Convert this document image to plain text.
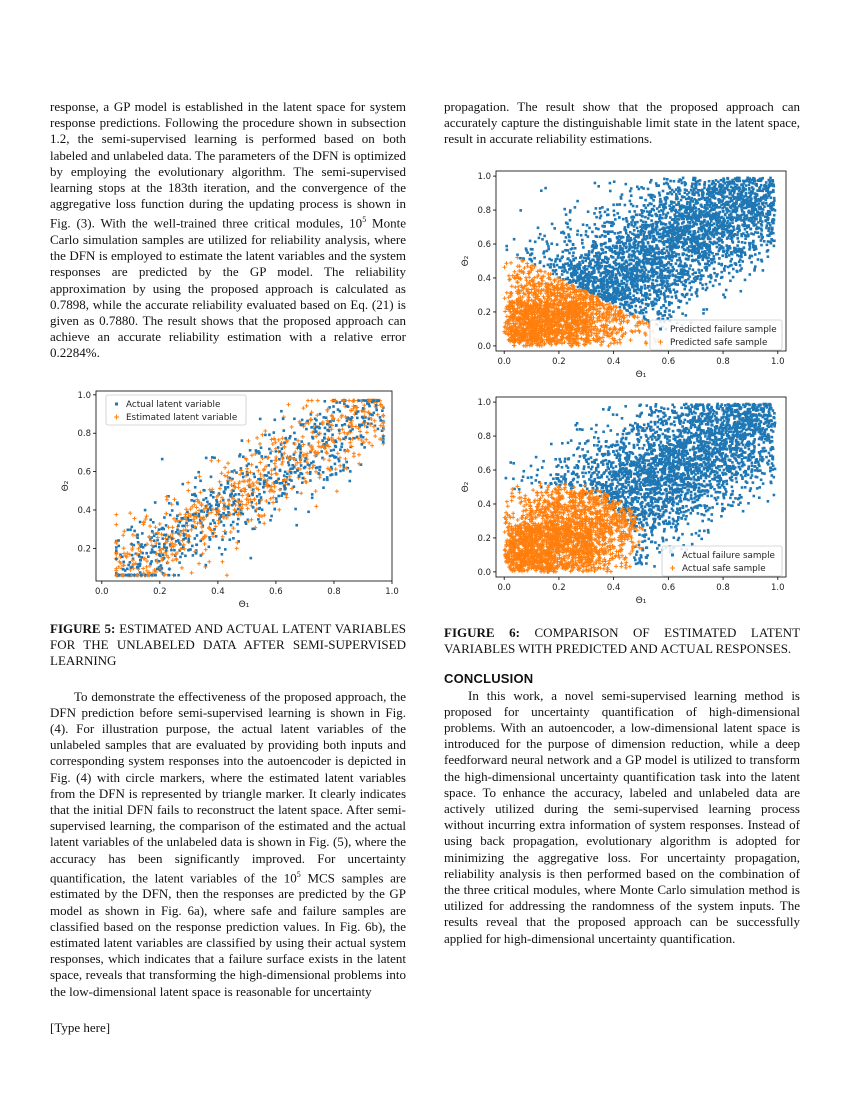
response, a GP model is established in the latent space for system response predictions. Following the procedure shown in subsection 1.2, the semi-supervised learning is performed based on both labeled and unlabeled data. The parameters of the DFN is optimized by employing the evolutionary algorithm. The semi-supervised learning stops at the 183th iteration, and the convergence of the aggregative loss function during the updating process is shown in Fig. (3). With the well-trained three critical modules, $10^5$ Monte Carlo simulation samples are utilized for reliability analysis, where the DFN is employed to estimate the latent variables and the system responses are predicted by the GP model. The reliability approximation by using the proposed approach is calculated as 0.7898, while the accurate reliability evaluated based on Eq. (21) is given as 0.7880. The result shows that the proposed approach can achieve an accurate reliability estimation with a relative error 0.2284%.

0.0	0.2	0.4	0.6	0.8	1.0
0.2
0.4
0.6
0.8
1.0
Θ₁
Θ₂
Actual latent variable
Estimated latent variable

FIGURE 5: ESTIMATED AND ACTUAL LATENT VARIABLES FOR THE UNLABELED DATA AFTER SEMI-SUPERVISED LEARNING

To demonstrate the effectiveness of the proposed approach, the DFN prediction before semi-supervised learning is shown in Fig. (4). For illustration purpose, the actual latent variables of the unlabeled samples that are evaluated by providing both inputs and corresponding system responses into the autoencoder is depicted in Fig. (4) with circle markers, where the estimated latent variables from the DFN is represented by triangle marker. It clearly indicates that the initial DFN fails to reconstruct the latent space. After semi-supervised learning, the comparison of the estimated and the actual latent variables of the unlabeled data is shown in Fig. (5), where the accuracy has been significantly improved. For uncertainty quantification, the latent variables of the $10^5$ MCS samples are estimated by the DFN, then the responses are predicted by the GP model as shown in Fig. 6a), where safe and failure samples are classified based on the response prediction values. In Fig. 6b), the estimated latent variables are classified by using their actual system responses, which indicates that a failure surface exists in the latent space, reveals that transforming the high-dimensional problems into the low-dimensional latent space is reasonable for uncertainty

propagation. The result show that the proposed approach can accurately capture the distinguishable limit state in the latent space, result in accurate reliability estimations.

0.0	0.2	0.4	0.6	0.8	1.0
0.0
0.2
0.4
0.6
0.8
1.0
Θ₁
Θ₂
Predicted failure sample
Predicted safe sample
0.0	0.2	0.4	0.6	0.8	1.0
0.0
0.2
0.4
0.6
0.8
1.0
Θ₁
Θ₂
Actual failure sample
Actual safe sample

FIGURE 6: COMPARISON OF ESTIMATED LATENT VARIABLES WITH PREDICTED AND ACTUAL RESPONSES.

CONCLUSION

In this work, a novel semi-supervised learning method is proposed for uncertainty quantification of high-dimensional problems. With an autoencoder, a low-dimensional latent space is introduced for the purpose of dimension reduction, while a deep feedforward neural network and a GP model is utilized to transform the high-dimensional uncertainty quantification task into the latent space. To enhance the accuracy, labeled and unlabeled data are actively utilized during the semi-supervised learning process without incurring extra information of system responses. Instead of using back propagation, evolutionary algorithm is adopted for minimizing the aggregative loss. For uncertainty propagation, reliability analysis is then performed based on the combination of the three critical modules, where Monte Carlo simulation method is utilized for addressing the randomness of the system inputs. The results reveal that the proposed approach can be successfully applied for high-dimensional uncertainty quantification.

[Type here]
